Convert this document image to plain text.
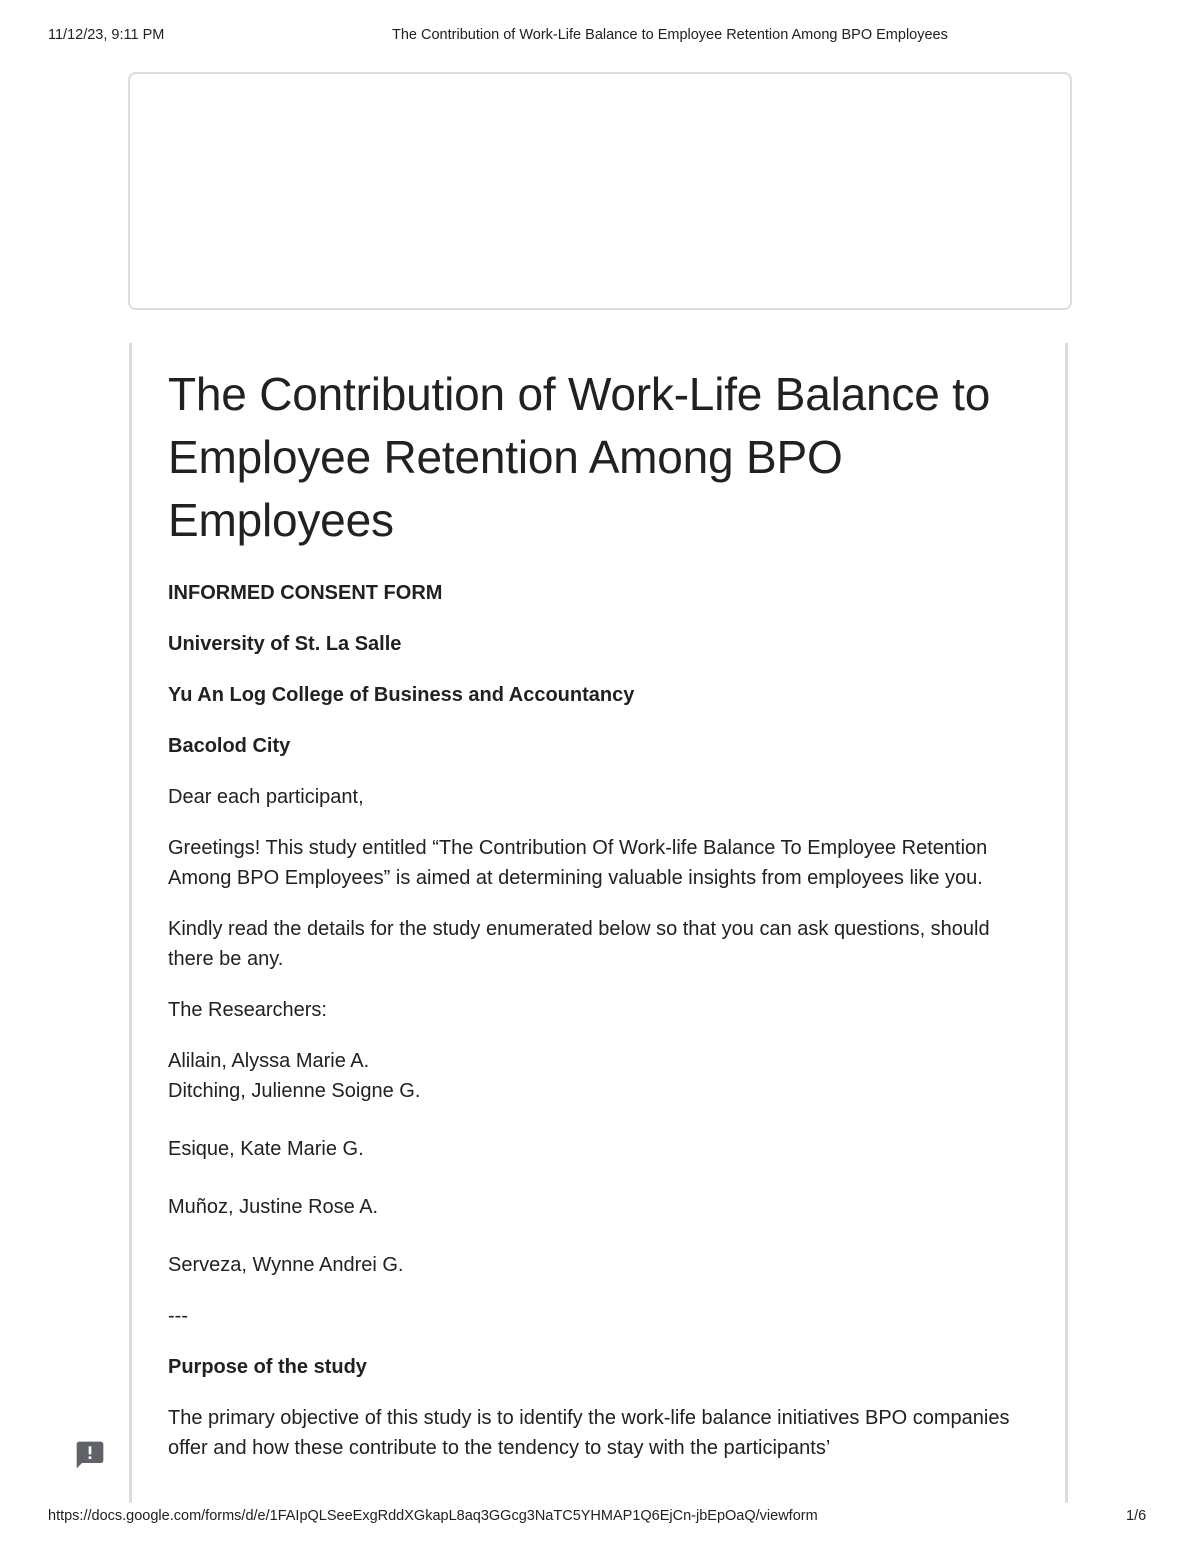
11/12/23, 9:11 PM	The Contribution of Work-Life Balance to Employee Retention Among BPO Employees
The Contribution of Work-Life Balance to Employee Retention Among BPO Employees

INFORMED CONSENT FORM

University of St. La Salle

Yu An Log College of Business and Accountancy

Bacolod City

Dear each participant,

Greetings! This study entitled “The Contribution Of Work-life Balance To Employee Retention Among BPO Employees” is aimed at determining valuable insights from employees like you.

Kindly read the details for the study enumerated below so that you can ask questions, should there be any.

The Researchers:

Alilain, Alyssa Marie A.
Ditching, Julienne Soigne G.
Esique, Kate Marie G.
Muñoz, Justine Rose A.
Serveza, Wynne Andrei G.

---

Purpose of the study

The primary objective of this study is to identify the work-life balance initiatives BPO companies offer and how these contribute to the tendency to stay with the participants’

https://docs.google.com/forms/d/e/1FAIpQLSeeExgRddXGkapL8aq3GGcg3NaTC5YHMAP1Q6EjCn-jbEpOaQ/viewform	1/6
